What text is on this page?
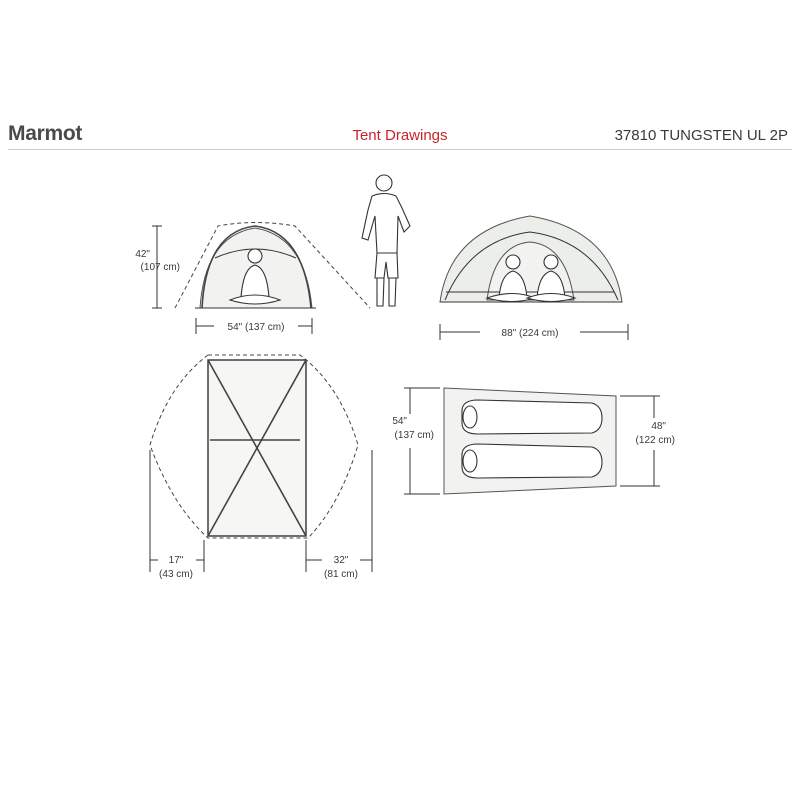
Marmot	Tent Drawings	37810 TUNGSTEN UL 2P
42"
(107 cm)
54" (137 cm)
88" (224 cm)
17"
(43 cm)
32"
(81 cm)
54"
(137 cm)
48"
(122 cm)
